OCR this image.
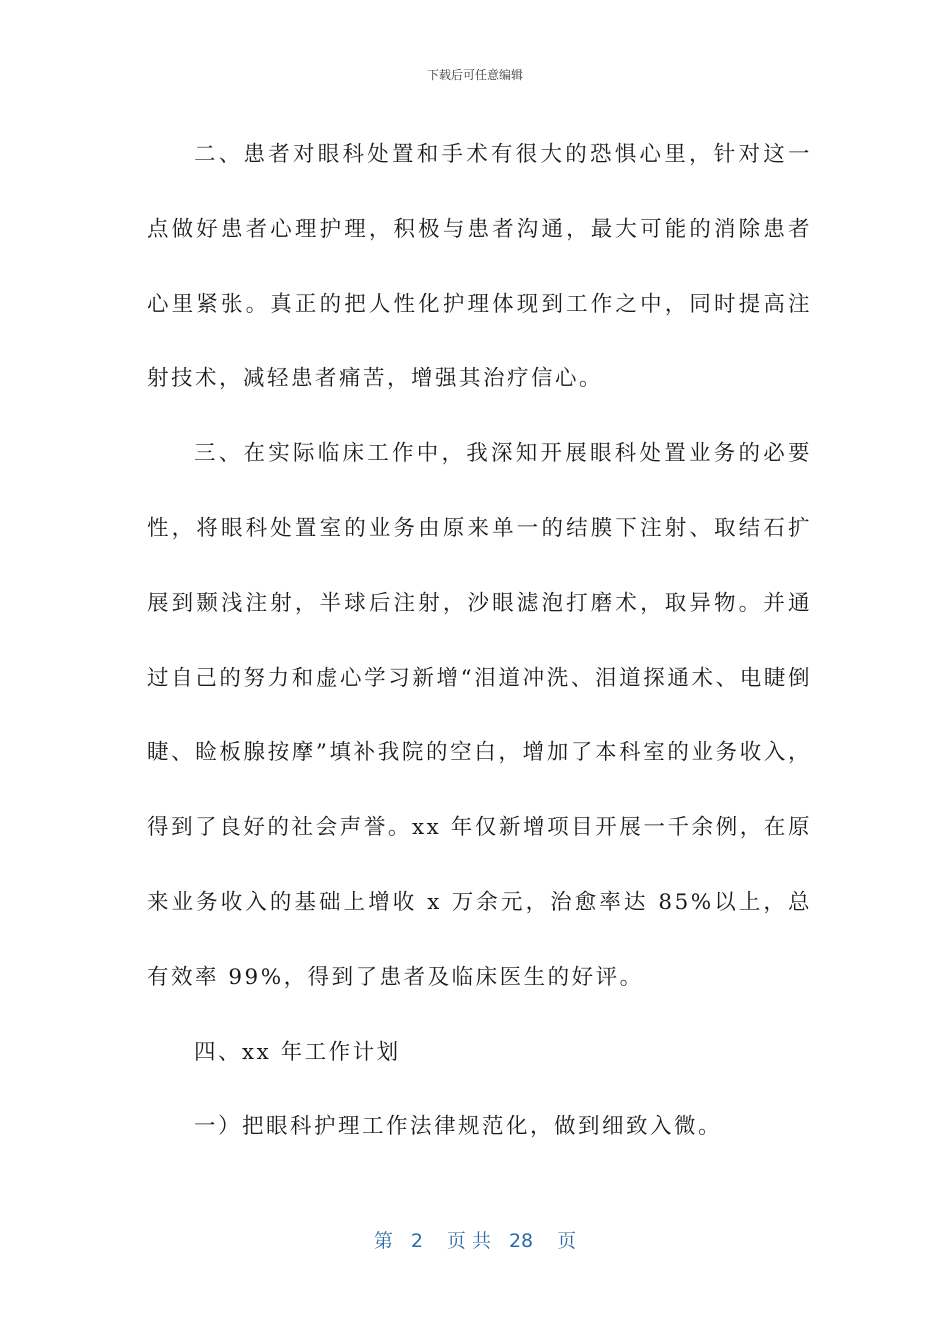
下载后可任意编辑

二、患者对眼科处置和手术有很大的恐惧心里，针对这一点做好患者心理护理，积极与患者沟通，最大可能的消除患者心里紧张。真正的把人性化护理体现到工作之中，同时提高注射技术，减轻患者痛苦，增强其治疗信心。

三、在实际临床工作中，我深知开展眼科处置业务的必要性，将眼科处置室的业务由原来单一的结膜下注射、取结石扩展到颞浅注射，半球后注射，沙眼滤泡打磨术，取异物。并通过自己的努力和虚心学习新增“泪道冲洗、泪道探通术、电睫倒睫、睑板腺按摩”填补我院的空白，增加了本科室的业务收入，得到了良好的社会声誉。xx 年仅新增项目开展一千余例，在原来业务收入的基础上增收 x 万余元，治愈率达 85%以上，总有效率 99%，得到了患者及临床医生的好评。

四、xx 年工作计划

一）把眼科护理工作法律规范化，做到细致入微。

第 2 页 共 28 页
